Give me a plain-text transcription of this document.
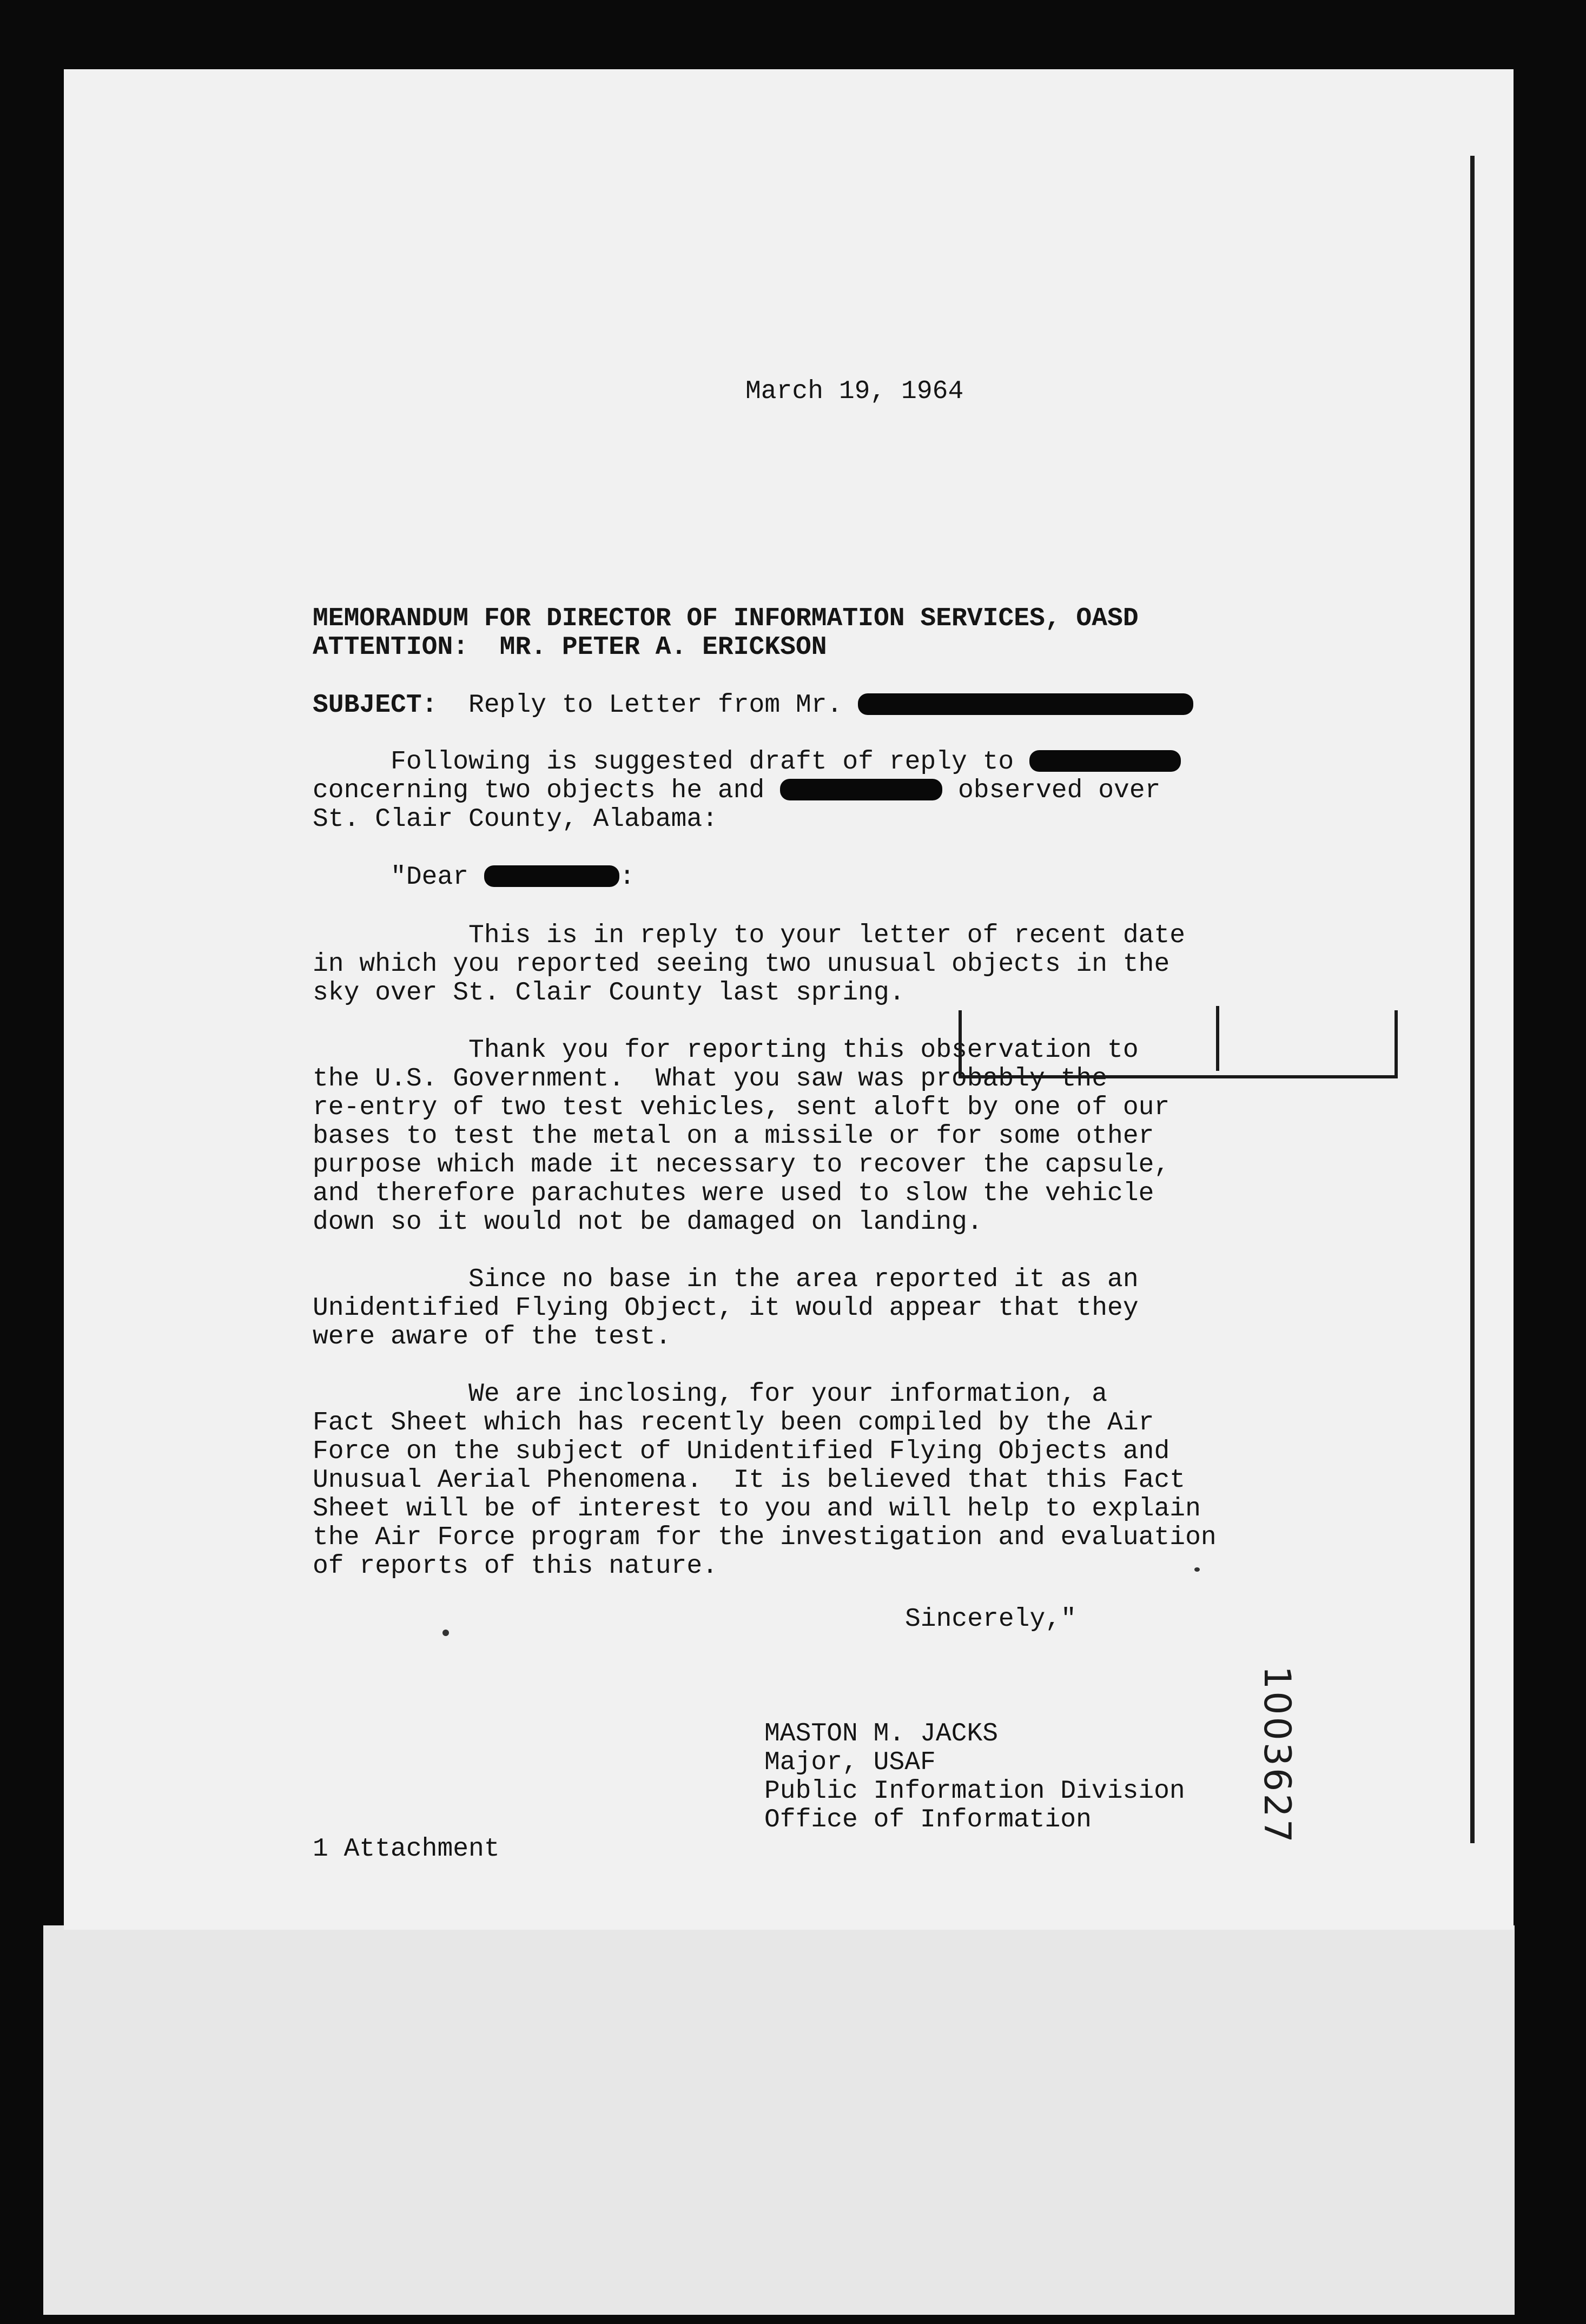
March 19, 1964
MEMORANDUM FOR DIRECTOR OF INFORMATION SERVICES, OASD
ATTENTION:  MR. PETER A. ERICKSON
SUBJECT: Reply to Letter from Mr.
Following is suggested draft of reply to
concerning two objects he and	observed over
St. Clair County, Alabama:
"Dear	:
This is in reply to your letter of recent date
in which you reported seeing two unusual objects in the
sky over St. Clair County last spring.
Thank you for reporting this observation to
the U.S. Government.  What you saw was probably the
re-entry of two test vehicles, sent aloft by one of our
bases to test the metal on a missile or for some other
purpose which made it necessary to recover the capsule,
and therefore parachutes were used to slow the vehicle
down so it would not be damaged on landing.
Since no base in the area reported it as an
Unidentified Flying Object, it would appear that they
were aware of the test.
We are inclosing, for your information, a
Fact Sheet which has recently been compiled by the Air
Force on the subject of Unidentified Flying Objects and
Unusual Aerial Phenomena.  It is believed that this Fact
Sheet will be of interest to you and will help to explain
the Air Force program for the investigation and evaluation
of reports of this nature.
Sincerely,"
MASTON M. JACKS
Major, USAF
Public Information Division
Office of Information
1 Attachment
1003627
